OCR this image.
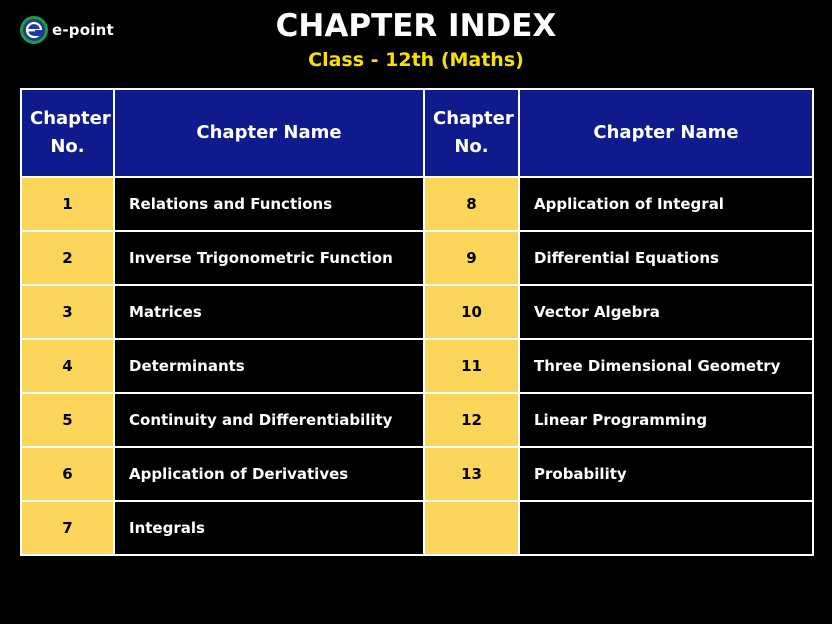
e-point	CHAPTER INDEX
Class - 12th (Maths)
Chapter No.	Chapter Name	Chapter No.	Chapter Name
1	Relations and Functions	8	Application of Integral
2	Inverse Trigonometric Function	9	Differential Equations
3	Matrices	10	Vector Algebra
4	Determinants	11	Three Dimensional Geometry
5	Continuity and Differentiability	12	Linear Programming
6	Application of Derivatives	13	Probability
7	Integrals		
